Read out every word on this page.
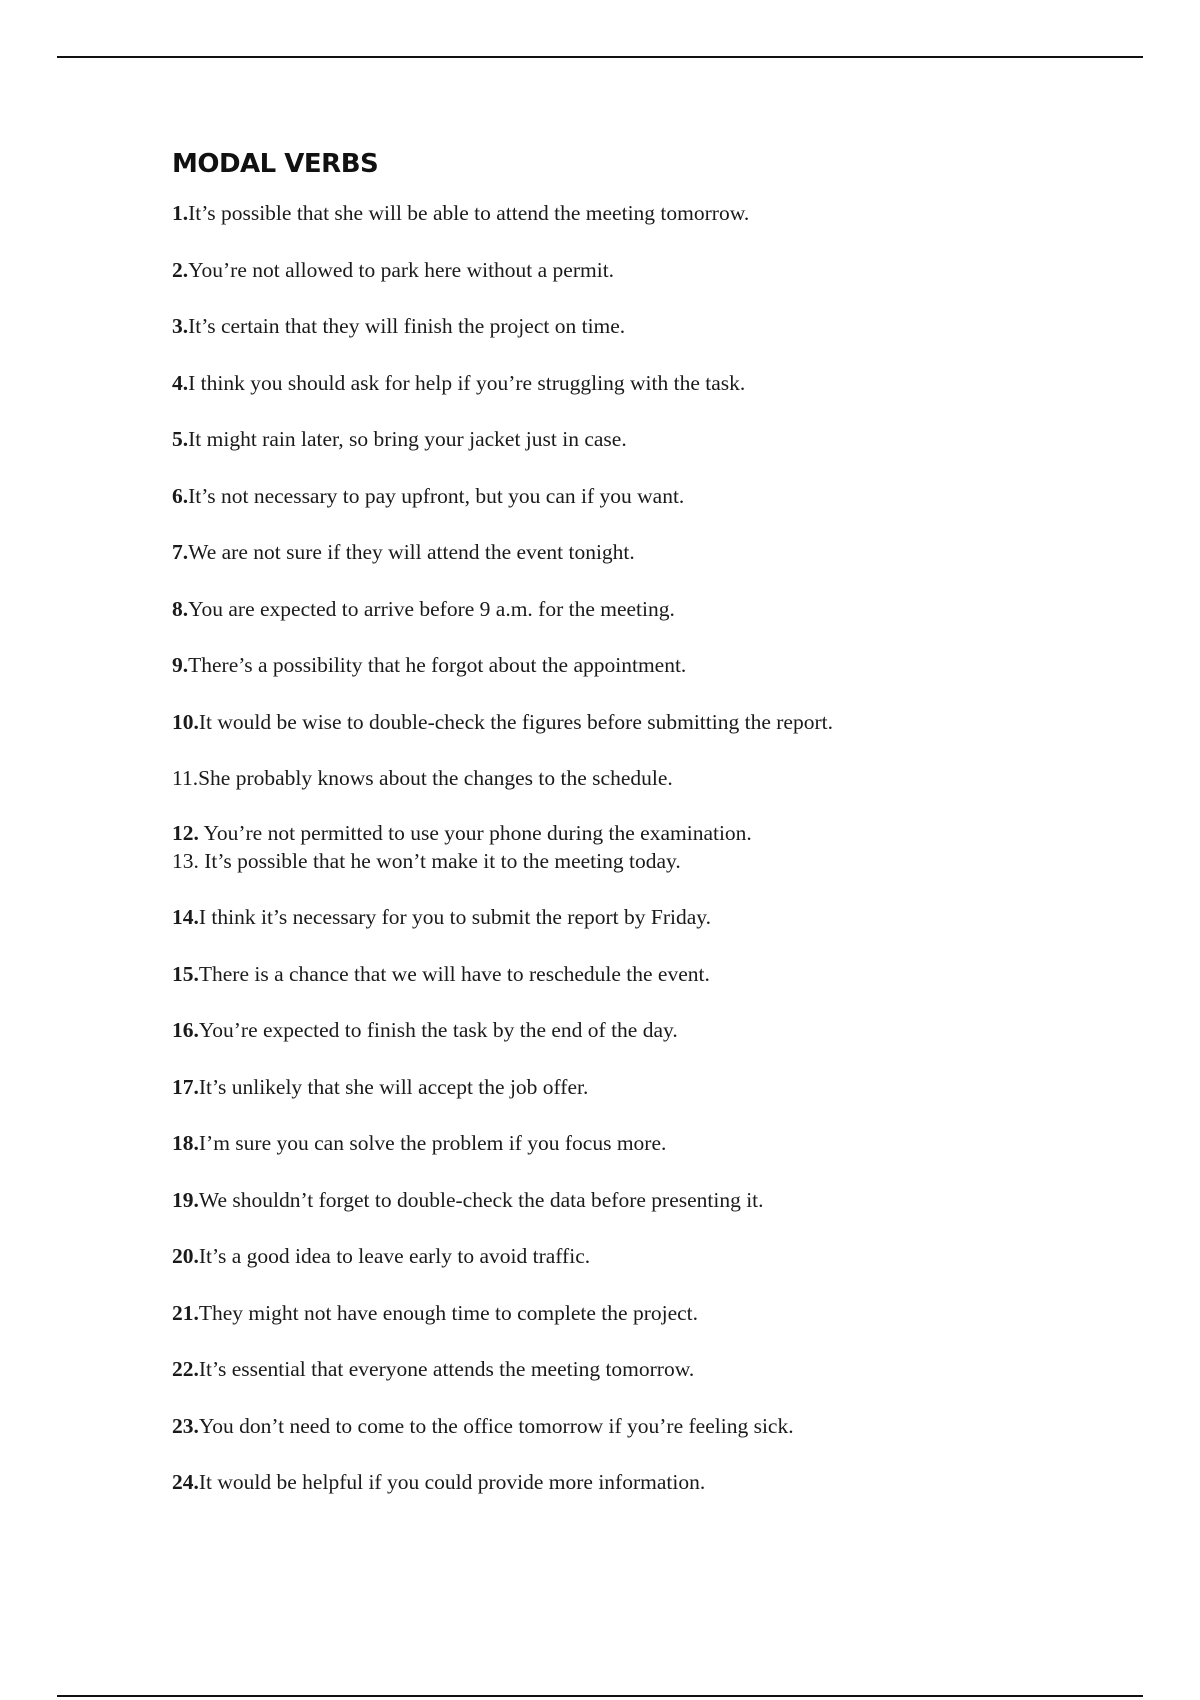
MODAL VERBS
1.It’s possible that she will be able to attend the meeting tomorrow.
2.You’re not allowed to park here without a permit.
3.It’s certain that they will finish the project on time.
4.I think you should ask for help if you’re struggling with the task.
5.It might rain later, so bring your jacket just in case.
6.It’s not necessary to pay upfront, but you can if you want.
7.We are not sure if they will attend the event tonight.
8.You are expected to arrive before 9 a.m. for the meeting.
9.There’s a possibility that he forgot about the appointment.
10.It would be wise to double-check the figures before submitting the report.
11.She probably knows about the changes to the schedule.
12. You’re not permitted to use your phone during the examination.
13. It’s possible that he won’t make it to the meeting today.
14.I think it’s necessary for you to submit the report by Friday.
15.There is a chance that we will have to reschedule the event.
16.You’re expected to finish the task by the end of the day.
17.It’s unlikely that she will accept the job offer.
18.I’m sure you can solve the problem if you focus more.
19.We shouldn’t forget to double-check the data before presenting it.
20.It’s a good idea to leave early to avoid traffic.
21.They might not have enough time to complete the project.
22.It’s essential that everyone attends the meeting tomorrow.
23.You don’t need to come to the office tomorrow if you’re feeling sick.
24.It would be helpful if you could provide more information.
